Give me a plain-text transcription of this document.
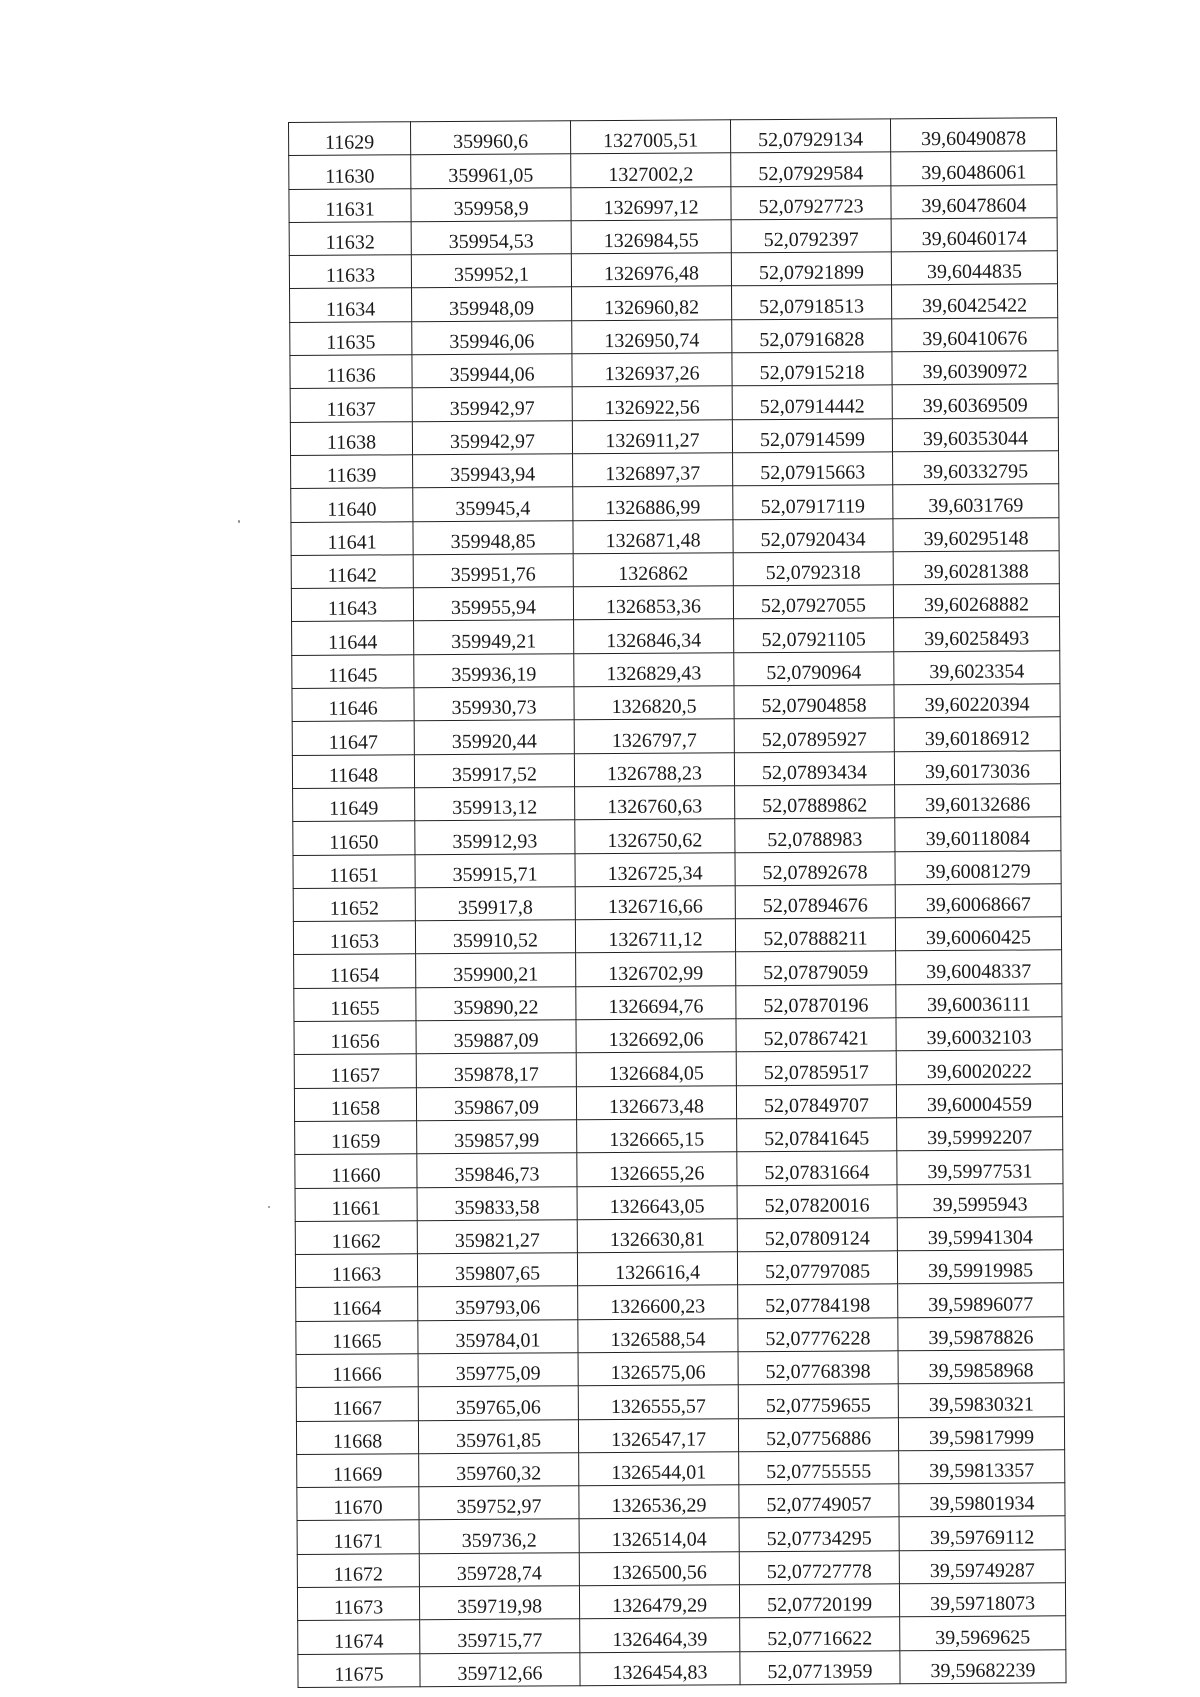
11629	359960,6	1327005,51	52,07929134	39,60490878
11630	359961,05	1327002,2	52,07929584	39,60486061
11631	359958,9	1326997,12	52,07927723	39,60478604
11632	359954,53	1326984,55	52,0792397	39,60460174
11633	359952,1	1326976,48	52,07921899	39,6044835
11634	359948,09	1326960,82	52,07918513	39,60425422
11635	359946,06	1326950,74	52,07916828	39,60410676
11636	359944,06	1326937,26	52,07915218	39,60390972
11637	359942,97	1326922,56	52,07914442	39,60369509
11638	359942,97	1326911,27	52,07914599	39,60353044
11639	359943,94	1326897,37	52,07915663	39,60332795
11640	359945,4	1326886,99	52,07917119	39,6031769
11641	359948,85	1326871,48	52,07920434	39,60295148
11642	359951,76	1326862	52,0792318	39,60281388
11643	359955,94	1326853,36	52,07927055	39,60268882
11644	359949,21	1326846,34	52,07921105	39,60258493
11645	359936,19	1326829,43	52,0790964	39,6023354
11646	359930,73	1326820,5	52,07904858	39,60220394
11647	359920,44	1326797,7	52,07895927	39,60186912
11648	359917,52	1326788,23	52,07893434	39,60173036
11649	359913,12	1326760,63	52,07889862	39,60132686
11650	359912,93	1326750,62	52,0788983	39,60118084
11651	359915,71	1326725,34	52,07892678	39,60081279
11652	359917,8	1326716,66	52,07894676	39,60068667
11653	359910,52	1326711,12	52,07888211	39,60060425
11654	359900,21	1326702,99	52,07879059	39,60048337
11655	359890,22	1326694,76	52,07870196	39,60036111
11656	359887,09	1326692,06	52,07867421	39,60032103
11657	359878,17	1326684,05	52,07859517	39,60020222
11658	359867,09	1326673,48	52,07849707	39,60004559
11659	359857,99	1326665,15	52,07841645	39,59992207
11660	359846,73	1326655,26	52,07831664	39,59977531
11661	359833,58	1326643,05	52,07820016	39,5995943
11662	359821,27	1326630,81	52,07809124	39,59941304
11663	359807,65	1326616,4	52,07797085	39,59919985
11664	359793,06	1326600,23	52,07784198	39,59896077
11665	359784,01	1326588,54	52,07776228	39,59878826
11666	359775,09	1326575,06	52,07768398	39,59858968
11667	359765,06	1326555,57	52,07759655	39,59830321
11668	359761,85	1326547,17	52,07756886	39,59817999
11669	359760,32	1326544,01	52,07755555	39,59813357
11670	359752,97	1326536,29	52,07749057	39,59801934
11671	359736,2	1326514,04	52,07734295	39,59769112
11672	359728,74	1326500,56	52,07727778	39,59749287
11673	359719,98	1326479,29	52,07720199	39,59718073
11674	359715,77	1326464,39	52,07716622	39,5969625
11675	359712,66	1326454,83	52,07713959	39,59682239
